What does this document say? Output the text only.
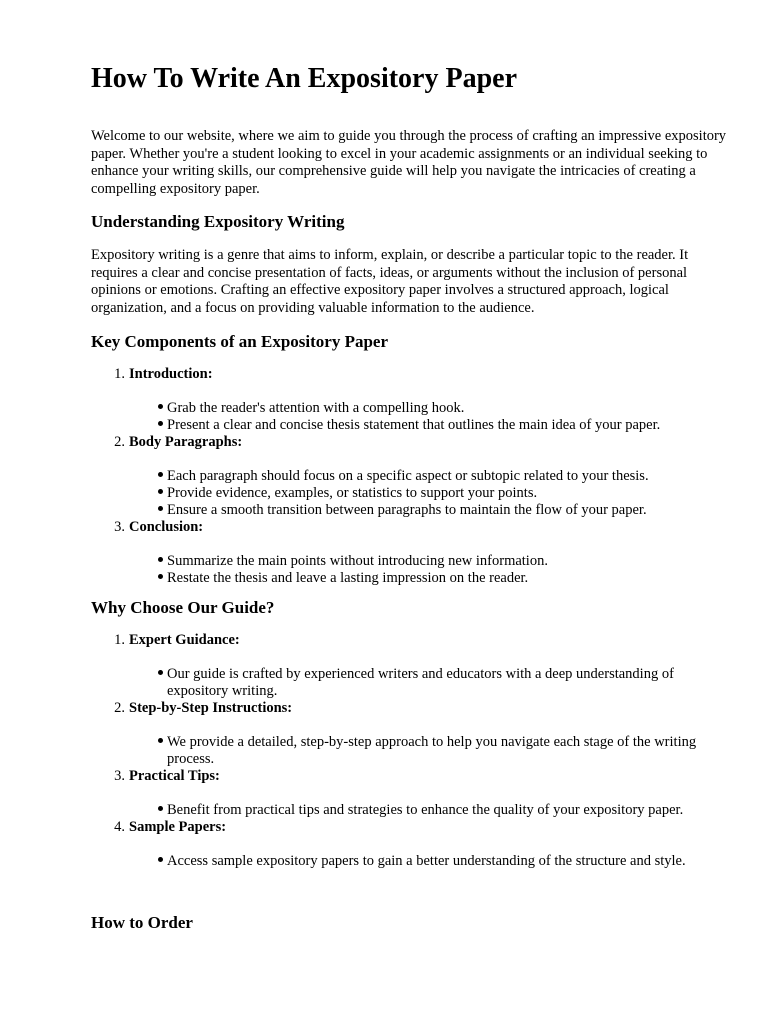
How To Write An Expository Paper

Welcome to our website, where we aim to guide you through the process of crafting an impressive expository paper. Whether you're a student looking to excel in your academic assignments or an individual seeking to enhance your writing skills, our comprehensive guide will help you navigate the intricacies of creating a compelling expository paper.

Understanding Expository Writing

Expository writing is a genre that aims to inform, explain, or describe a particular topic to the reader. It requires a clear and concise presentation of facts, ideas, or arguments without the inclusion of personal opinions or emotions. Crafting an effective expository paper involves a structured approach, logical organization, and a focus on providing valuable information to the audience.

Key Components of an Expository Paper
1. Introduction:
Grab the reader's attention with a compelling hook.
Present a clear and concise thesis statement that outlines the main idea of your paper.
2. Body Paragraphs:
Each paragraph should focus on a specific aspect or subtopic related to your thesis.
Provide evidence, examples, or statistics to support your points.
Ensure a smooth transition between paragraphs to maintain the flow of your paper.
3. Conclusion:
Summarize the main points without introducing new information.
Restate the thesis and leave a lasting impression on the reader.
Why Choose Our Guide?
1. Expert Guidance:
Our guide is crafted by experienced writers and educators with a deep understanding of expository writing.
2. Step-by-Step Instructions:
We provide a detailed, step-by-step approach to help you navigate each stage of the writing process.
3. Practical Tips:
Benefit from practical tips and strategies to enhance the quality of your expository paper.
4. Sample Papers:
Access sample expository papers to gain a better understanding of the structure and style.
How to Order
